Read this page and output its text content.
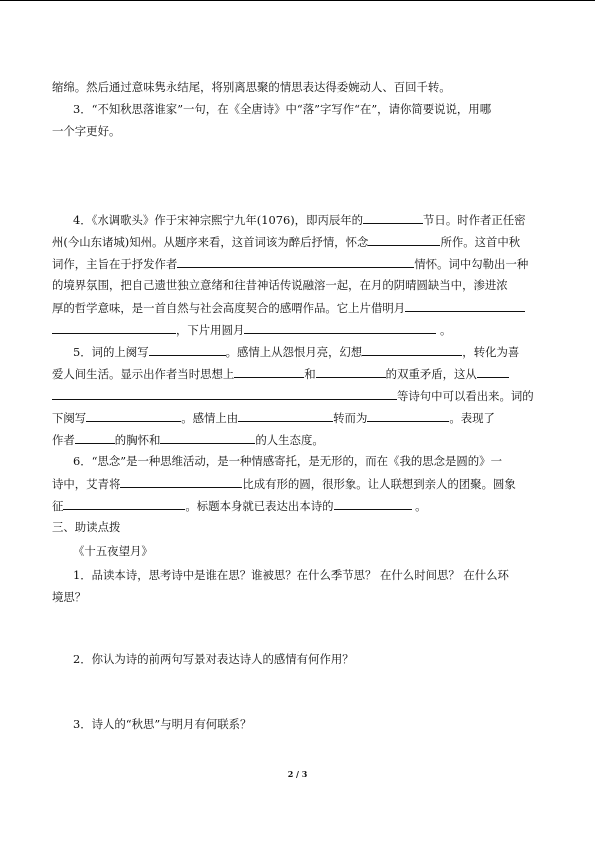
缩绵。然后通过意味隽永结尾，将别离思聚的情思表达得委婉动人、百回千转。
3．“不知秋思落谁家”一句，在《全唐诗》中“落”字写作“在”，请你简要说说，用哪
一个字更好。
4．《水调歌头》作于宋神宗熙宁九年(1076)，即丙辰年的	节日。时作者正任密
州(今山东诸城)知州。从题序来看，这首词该为醉后抒情，怀念	所作。这首中秋
词作，主旨在于抒发作者	情怀。词中勾勒出一种
的境界氛围，把自己遗世独立意绪和往昔神话传说融溶一起，在月的阴晴圆缺当中，渗进浓
厚的哲学意味，是一首自然与社会高度契合的感喟作品。它上片借明月
，下片用圆月	。
5．词的上阕写	。感情上从怨恨月亮，幻想	，转化为喜
爱人间生活。显示出作者当时思想上	和	的双重矛盾，这从
等诗句中可以看出来。词的
下阕写	。感情上由	转而为	。表现了
作者	的胸怀和	的人生态度。
6．“思念”是一种思维活动，是一种情感寄托，是无形的，而在《我的思念是圆的》一
诗中，艾青将	比成有形的圆，很形象。让人联想到亲人的团聚。圆象
征	。标题本身就已表达出本诗的	。
三、助读点拨
《十五夜望月》
1．品读本诗，思考诗中是谁在思？谁被思？在什么季节思？ 在什么时间思？ 在什么环
境思？
2．你认为诗的前两句写景对表达诗人的感情有何作用？
3．诗人的“秋思”与明月有何联系？
2 / 3
